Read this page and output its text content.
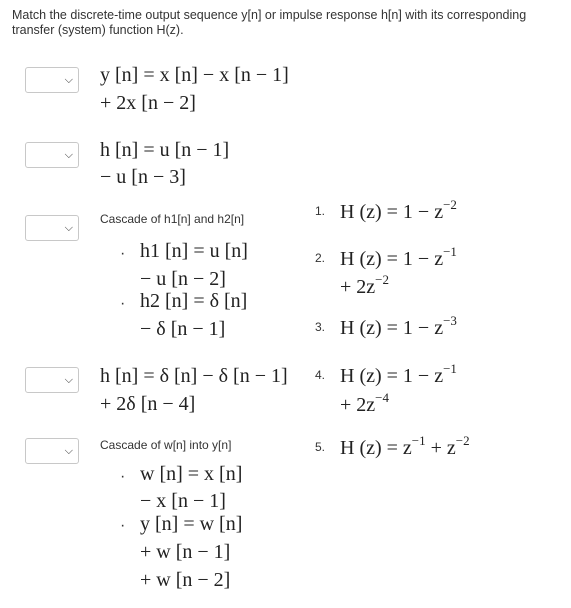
Match the discrete-time output sequence y[n] or impulse response h[n] with its corresponding transfer (system) function H(z).
⌵
⌵
⌵
⌵
⌵
y [n] = x [n] − x [n − 1]
+ 2x [n − 2]
h [n] = u [n − 1]
− u [n − 3]
Cascade of h1[n] and h2[n]
· h1 [n] = u [n]
− u [n − 2]
· h2 [n] = δ [n]
− δ [n − 1]
h [n] = δ [n] − δ [n − 1]
+ 2δ [n − 4]
Cascade of w[n] into y[n]
· w [n] = x [n]
− x [n − 1]
· y [n] = w [n]
+ w [n − 1]
+ w [n − 2]
1. H $(z) = 1 - z^{-2}$
2. H $(z) = 1 - z^{-1}$
+ $2z^{-2}$
3. H $(z) = 1 - z^{-3}$
4. H $(z) = 1 - z^{-1}$
+ $2z^{-4}$
5. H $(z) = z^{-1} + z^{-2}$
